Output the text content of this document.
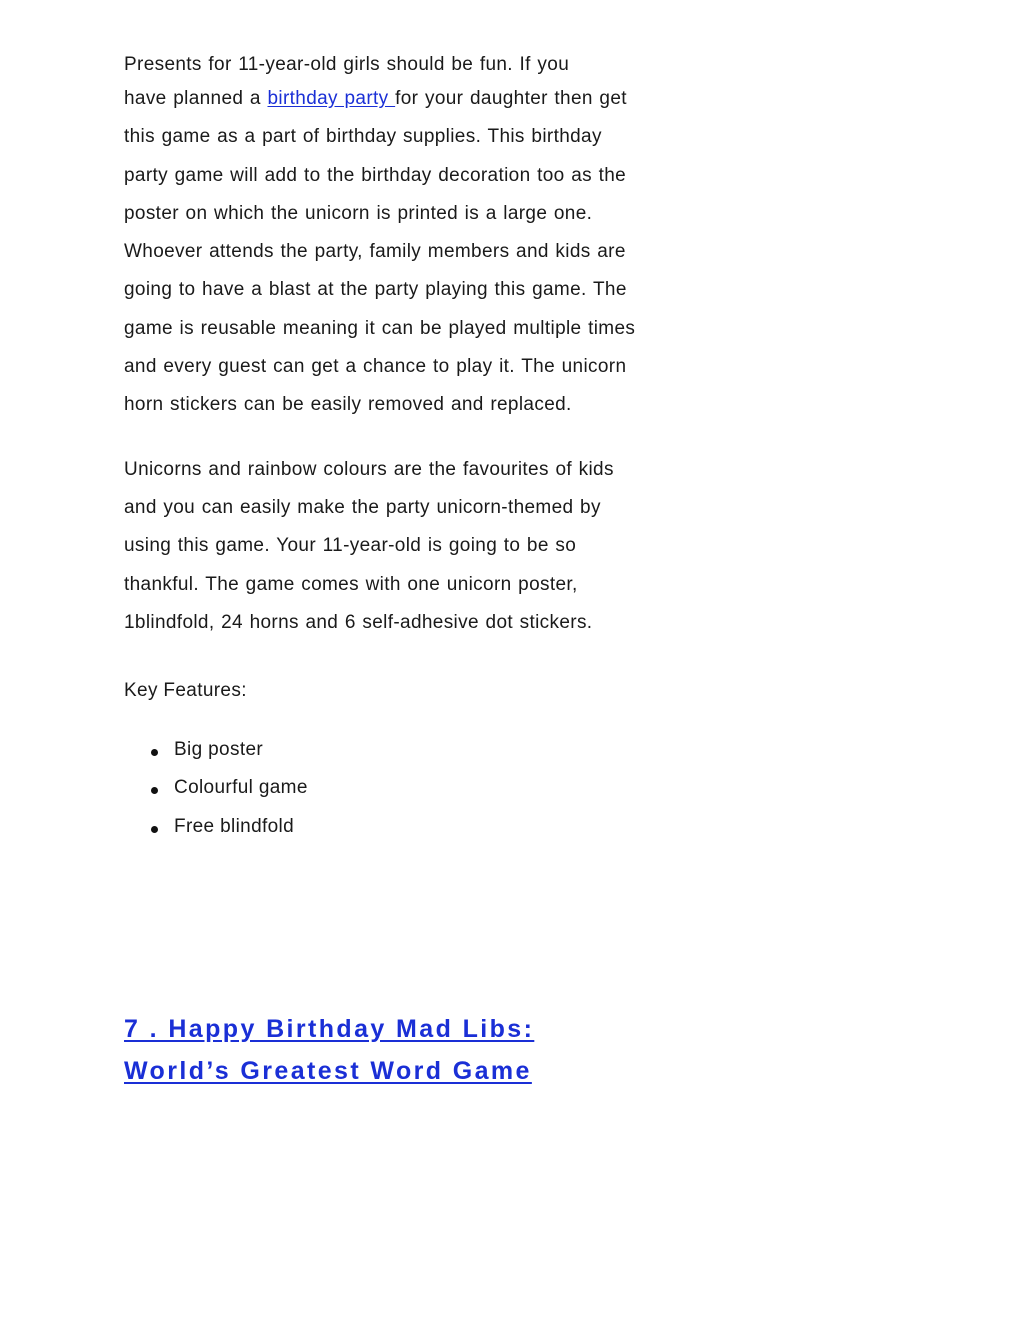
Presents for 11-year-old girls should be fun. If you
have planned a birthday party for your daughter then get this game as a part of birthday supplies. This birthday party game will add to the birthday decoration too as the poster on which the unicorn is printed is a large one. Whoever attends the party, family members and kids are going to have a blast at the party playing this game. The game is reusable meaning it can be played multiple times and every guest can get a chance to play it. The unicorn horn stickers can be easily removed and replaced.

Unicorns and rainbow colours are the favourites of kids and you can easily make the party unicorn-themed by using this game. Your 11-year-old is going to be so thankful. The game comes with one unicorn poster, 1blindfold, 24 horns and 6 self-adhesive dot stickers.

Key Features:

Big poster
Colourful game
Free blindfold
7 . Happy Birthday Mad Libs:
World’s Greatest Word Game
